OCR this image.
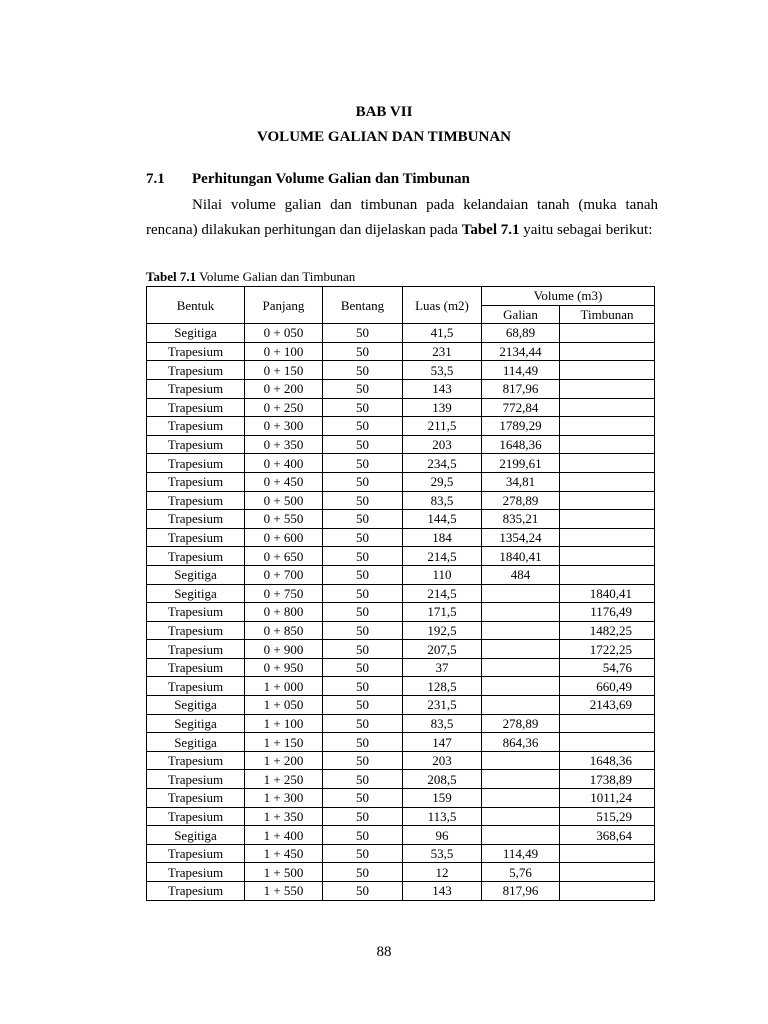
BAB VII
VOLUME GALIAN DAN TIMBUNAN
7.1 Perhitungan Volume Galian dan Timbunan
Nilai volume galian dan timbunan pada kelandaian tanah (muka tanah rencana) dilakukan perhitungan dan dijelaskan pada Tabel 7.1 yaitu sebagai berikut:
Tabel 7.1 Volume Galian dan Timbunan
Bentuk	Panjang	Bentang	Luas (m2)	Volume (m3)	
				Galian	Timbunan
Segitiga	0 + 050	50	41,5	68,89	
Trapesium	0 + 100	50	231	2134,44	
Trapesium	0 + 150	50	53,5	114,49	
Trapesium	0 + 200	50	143	817,96	
Trapesium	0 + 250	50	139	772,84	
Trapesium	0 + 300	50	211,5	1789,29	
Trapesium	0 + 350	50	203	1648,36	
Trapesium	0 + 400	50	234,5	2199,61	
Trapesium	0 + 450	50	29,5	34,81	
Trapesium	0 + 500	50	83,5	278,89	
Trapesium	0 + 550	50	144,5	835,21	
Trapesium	0 + 600	50	184	1354,24	
Trapesium	0 + 650	50	214,5	1840,41	
Segitiga	0 + 700	50	110	484	
Segitiga	0 + 750	50	214,5		1840,41
Trapesium	0 + 800	50	171,5		1176,49
Trapesium	0 + 850	50	192,5		1482,25
Trapesium	0 + 900	50	207,5		1722,25
Trapesium	0 + 950	50	37		54,76
Trapesium	1 + 000	50	128,5		660,49
Segitiga	1 + 050	50	231,5		2143,69
Segitiga	1 + 100	50	83,5	278,89	
Segitiga	1 + 150	50	147	864,36	
Trapesium	1 + 200	50	203		1648,36
Trapesium	1 + 250	50	208,5		1738,89
Trapesium	1 + 300	50	159		1011,24
Trapesium	1 + 350	50	113,5		515,29
Segitiga	1 + 400	50	96		368,64
Trapesium	1 + 450	50	53,5	114,49	
Trapesium	1 + 500	50	12	5,76	
Trapesium	1 + 550	50	143	817,96	
88
